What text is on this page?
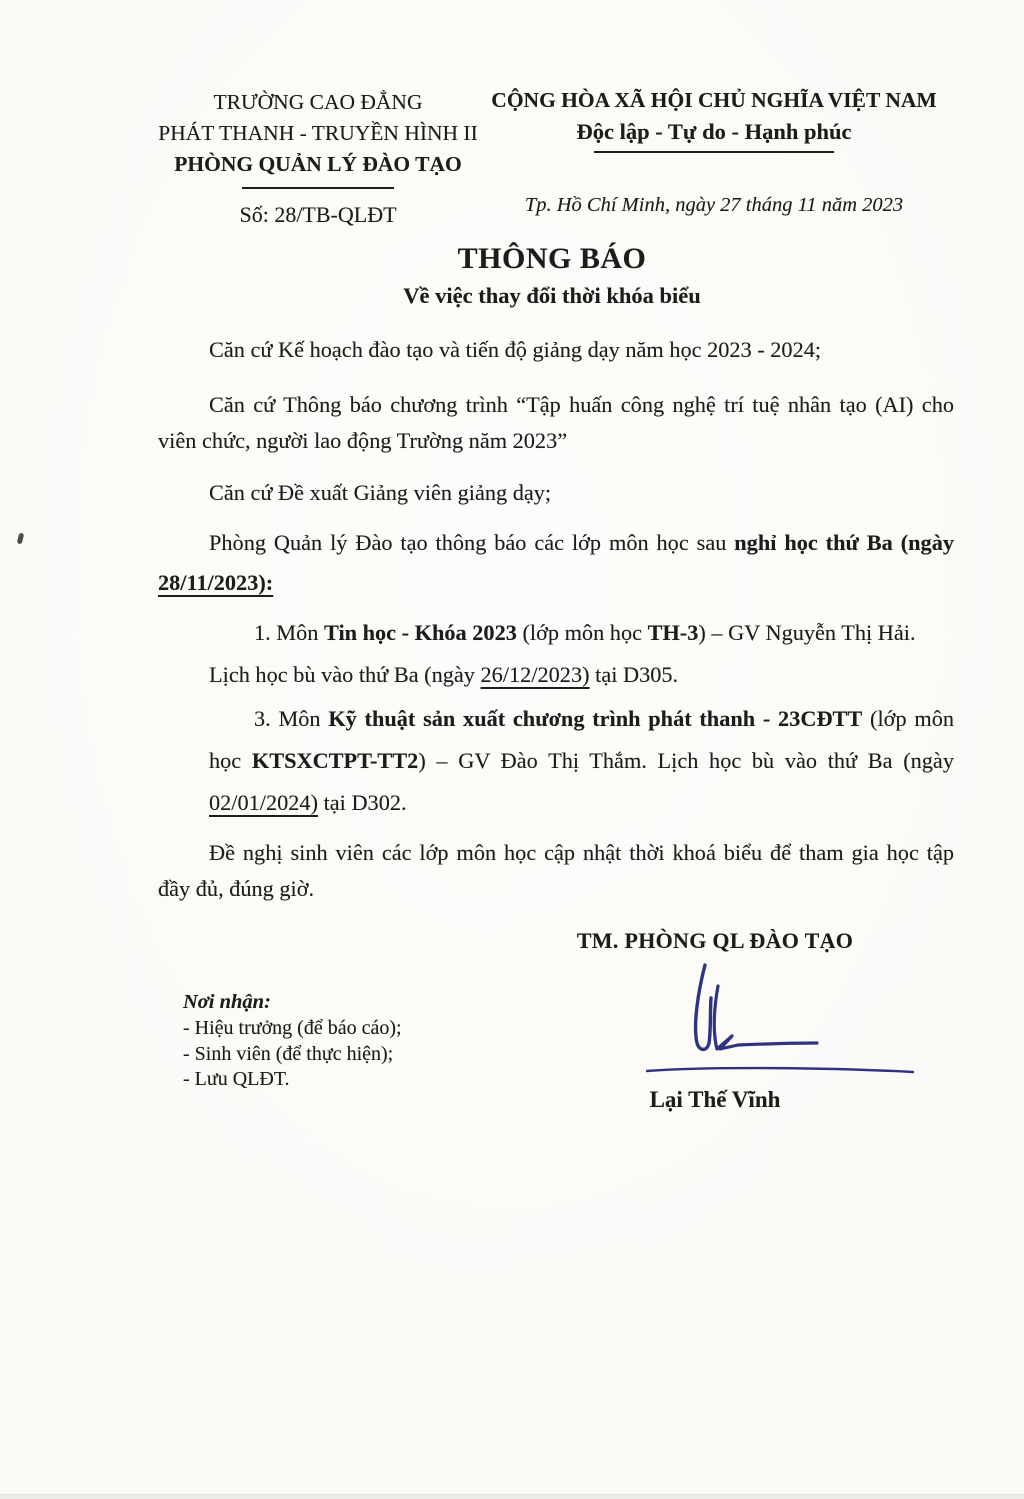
TRƯỜNG CAO ĐẲNG
PHÁT THANH - TRUYỀN HÌNH II
PHÒNG QUẢN LÝ ĐÀO TẠO
Số: 28/TB-QLĐT
CỘNG HÒA XÃ HỘI CHỦ NGHĨA VIỆT NAM
Độc lập - Tự do - Hạnh phúc
Tp. Hồ Chí Minh, ngày 27 tháng 11 năm 2023
THÔNG BÁO
Về việc thay đổi thời khóa biểu
Căn cứ Kế hoạch đào tạo và tiến độ giảng dạy năm học 2023 - 2024;
Căn cứ Thông báo chương trình “Tập huấn công nghệ trí tuệ nhân tạo (AI) cho
viên chức, người lao động Trường năm 2023”
Căn cứ Đề xuất Giảng viên giảng dạy;
Phòng Quản lý Đào tạo thông báo các lớp môn học sau nghỉ học thứ Ba (ngày
28/11/2023):
1. Môn Tin học - Khóa 2023 (lớp môn học TH-3) – GV Nguyễn Thị Hải.
Lịch học bù vào thứ Ba (ngày 26/12/2023) tại D305.
3. Môn Kỹ thuật sản xuất chương trình phát thanh - 23CĐTT (lớp môn
học KTSXCTPT-TT2) – GV Đào Thị Thắm. Lịch học bù vào thứ Ba (ngày
02/01/2024) tại D302.
Đề nghị sinh viên các lớp môn học cập nhật thời khoá biểu để tham gia học tập
đầy đủ, đúng giờ.
TM. PHÒNG QL ĐÀO TẠO
Lại Thế Vĩnh
Nơi nhận:
- Hiệu trưởng (để báo cáo);
- Sinh viên (để thực hiện);
- Lưu QLĐT.
